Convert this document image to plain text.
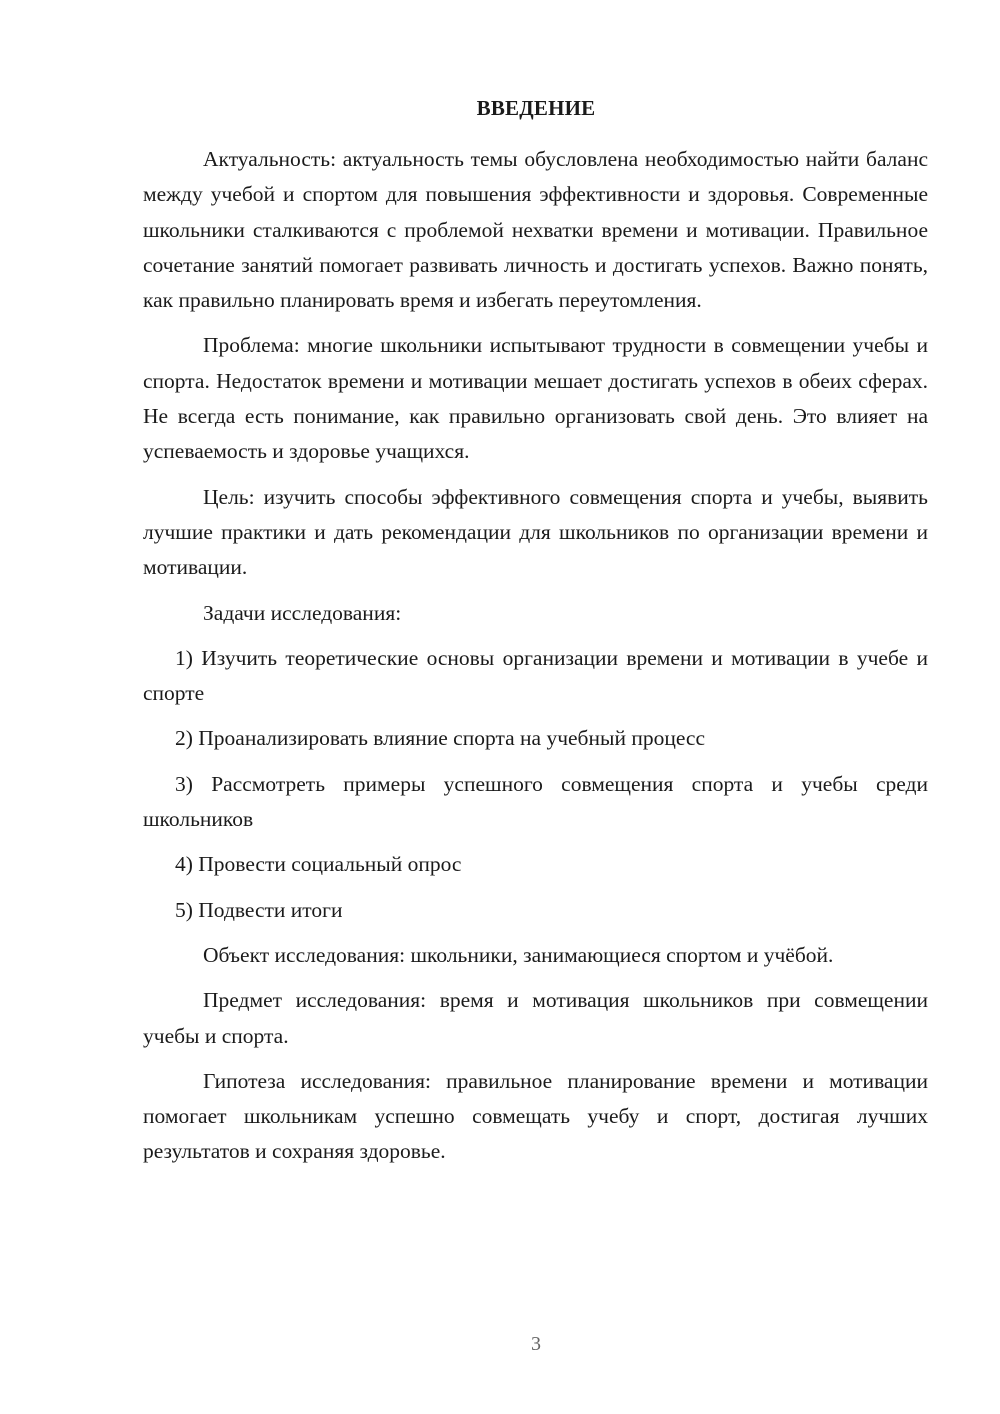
ВВЕДЕНИЕ

Актуальность: актуальность темы обусловлена необходимостью найти баланс между учебой и спортом для повышения эффективности и здоровья. Современные школьники сталкиваются с проблемой нехватки времени и мотивации. Правильное сочетание занятий помогает развивать личность и достигать успехов. Важно понять, как правильно планировать время и избегать переутомления.

Проблема: многие школьники испытывают трудности в совмещении учебы и спорта. Недостаток времени и мотивации мешает достигать успехов в обеих сферах. Не всегда есть понимание, как правильно организовать свой день. Это влияет на успеваемость и здоровье учащихся.

Цель: изучить способы эффективного совмещения спорта и учебы, выявить лучшие практики и дать рекомендации для школьников по организации времени и мотивации.

Задачи исследования:

1) Изучить теоретические основы организации времени и мотивации в учебе и спорте

2) Проанализировать влияние спорта на учебный процесс

3) Рассмотреть примеры успешного совмещения спорта и учебы среди школьников

4) Провести социальный опрос

5) Подвести итоги

Объект исследования: школьники, занимающиеся спортом и учёбой.

Предмет исследования: время и мотивация школьников при совмещении учебы и спорта.

Гипотеза исследования: правильное планирование времени и мотивации помогает школьникам успешно совмещать учебу и спорт, достигая лучших результатов и сохраняя здоровье.

3
